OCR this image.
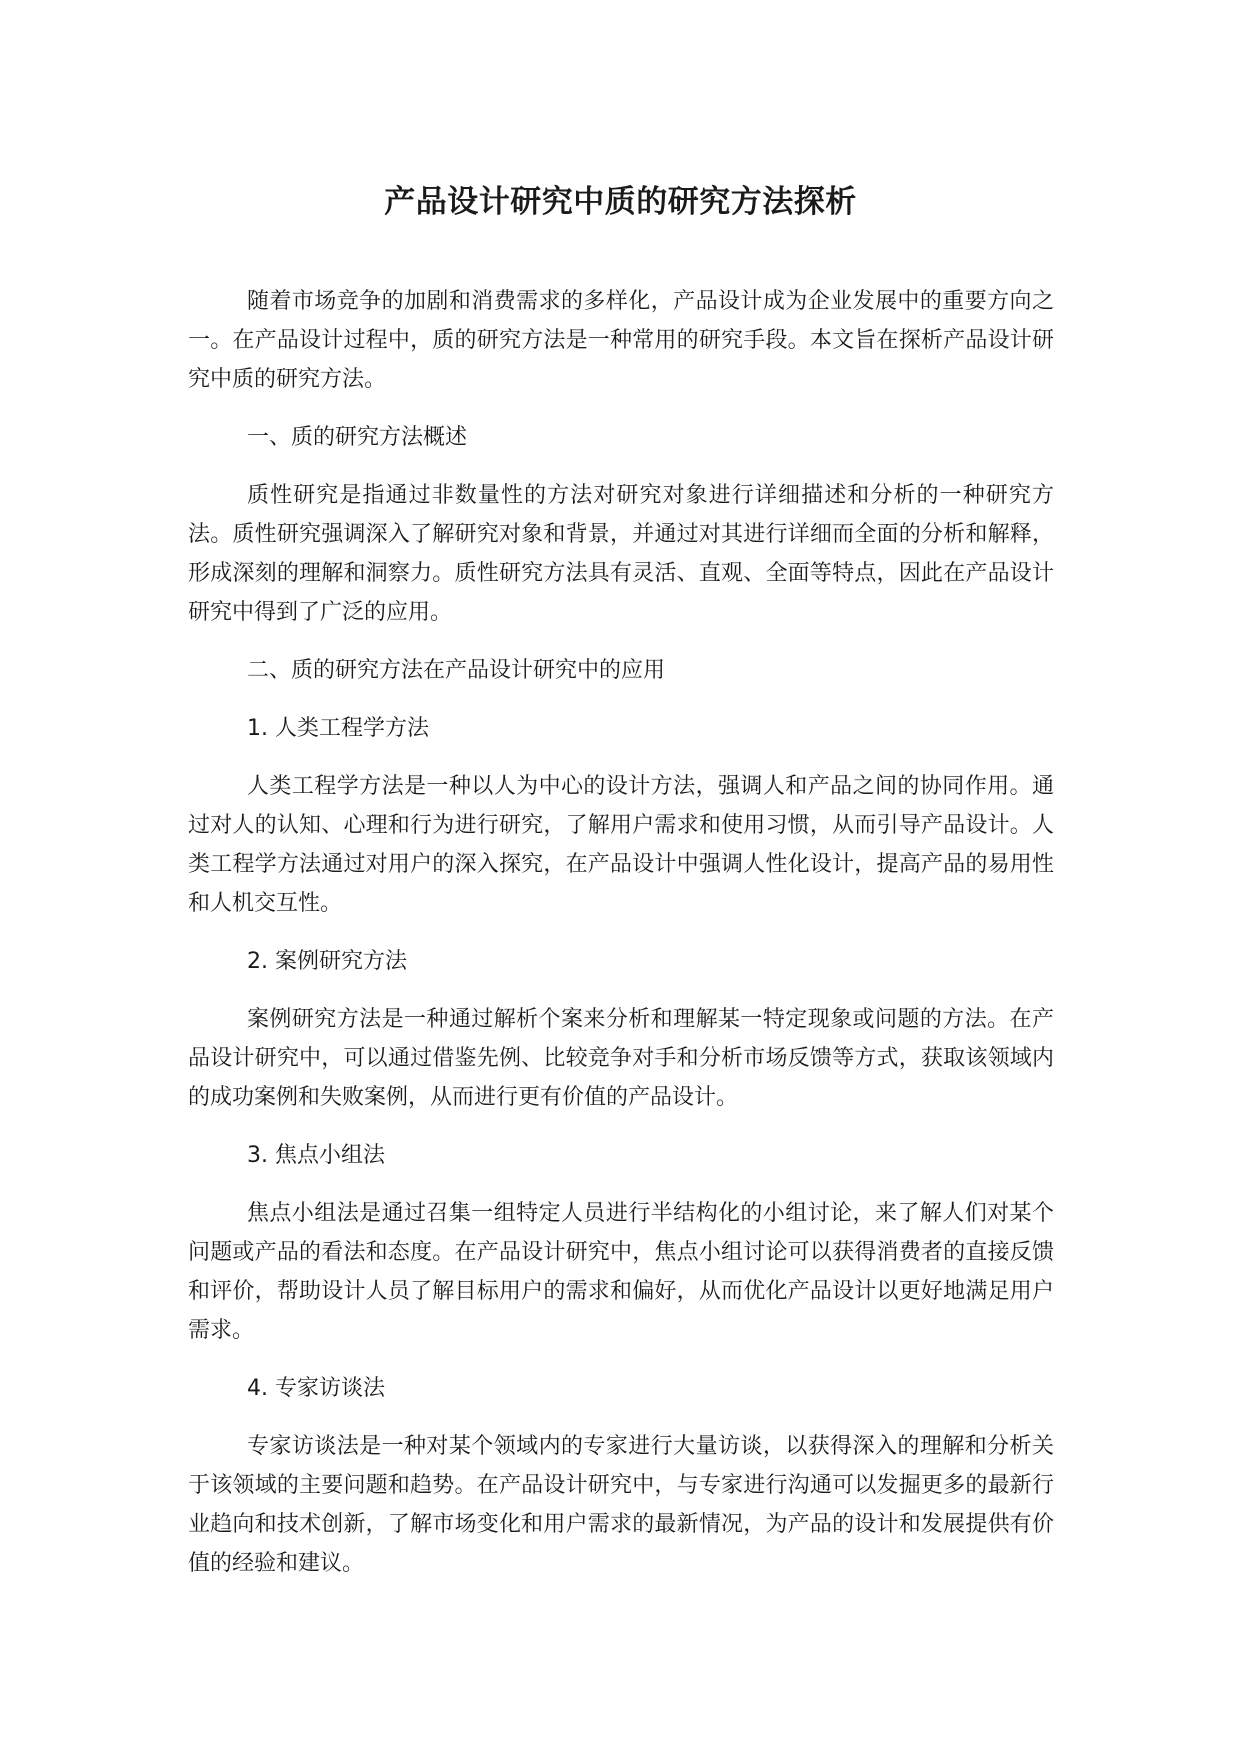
产品设计研究中质的研究方法探析

随着市场竞争的加剧和消费需求的多样化，产品设计成为企业发展中的重要方向之一。在产品设计过程中，质的研究方法是一种常用的研究手段。本文旨在探析产品设计研究中质的研究方法。

一、质的研究方法概述

质性研究是指通过非数量性的方法对研究对象进行详细描述和分析的一种研究方法。质性研究强调深入了解研究对象和背景，并通过对其进行详细而全面的分析和解释，形成深刻的理解和洞察力。质性研究方法具有灵活、直观、全面等特点，因此在产品设计研究中得到了广泛的应用。

二、质的研究方法在产品设计研究中的应用

1. 人类工程学方法

人类工程学方法是一种以人为中心的设计方法，强调人和产品之间的协同作用。通过对人的认知、心理和行为进行研究，了解用户需求和使用习惯，从而引导产品设计。人类工程学方法通过对用户的深入探究，在产品设计中强调人性化设计，提高产品的易用性和人机交互性。

2. 案例研究方法

案例研究方法是一种通过解析个案来分析和理解某一特定现象或问题的方法。在产品设计研究中，可以通过借鉴先例、比较竞争对手和分析市场反馈等方式，获取该领域内的成功案例和失败案例，从而进行更有价值的产品设计。

3. 焦点小组法

焦点小组法是通过召集一组特定人员进行半结构化的小组讨论，来了解人们对某个问题或产品的看法和态度。在产品设计研究中，焦点小组讨论可以获得消费者的直接反馈和评价，帮助设计人员了解目标用户的需求和偏好，从而优化产品设计以更好地满足用户需求。

4. 专家访谈法

专家访谈法是一种对某个领域内的专家进行大量访谈，以获得深入的理解和分析关于该领域的主要问题和趋势。在产品设计研究中，与专家进行沟通可以发掘更多的最新行业趋向和技术创新，了解市场变化和用户需求的最新情况，为产品的设计和发展提供有价值的经验和建议。
